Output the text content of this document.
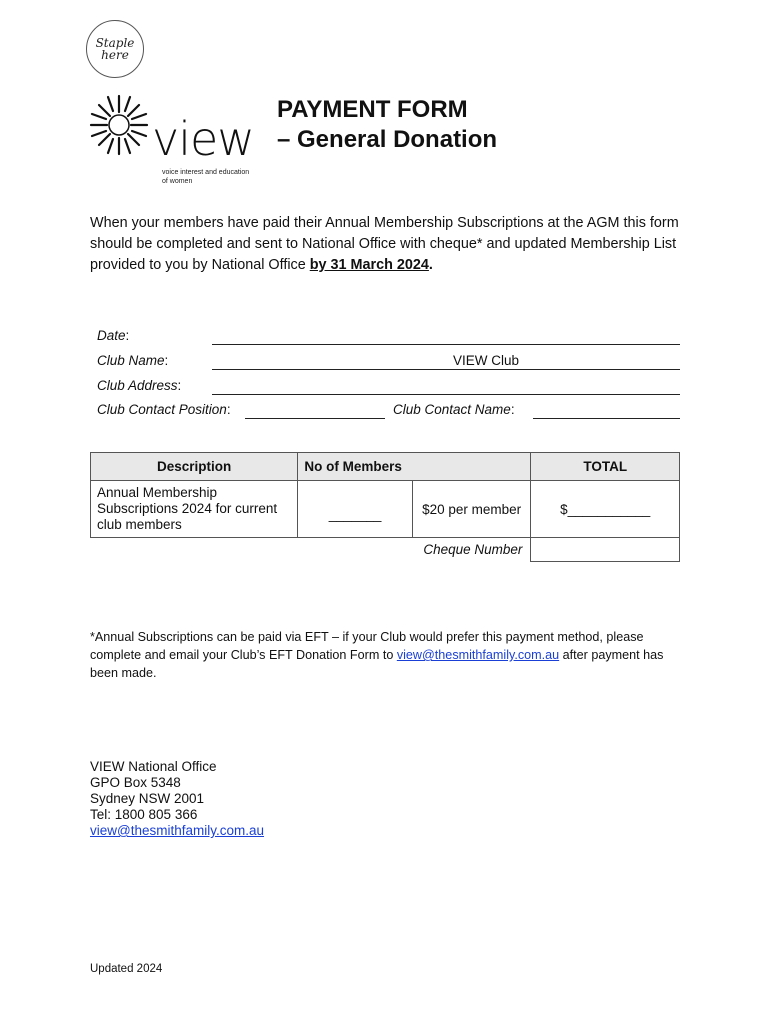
Staple
here
view
voice interest and education of women
PAYMENT FORM
– General Donation
When your members have paid their Annual Membership Subscriptions at the AGM this form should be completed and sent to National Office with cheque* and updated Membership List provided to you by National Office by 31 March 2024.
Date:
Club Name:	VIEW Club
Club Address:
Club Contact Position:	Club Contact Name:
Description	No of Members		TOTAL
Annual Membership Subscriptions 2024 for current club members	_______	$20 per member	$___________
	Cheque Number		
*Annual Subscriptions can be paid via EFT – if your Club would prefer this payment method, please complete and email your Club’s EFT Donation Form to view@thesmithfamily.com.au after payment has been made.
VIEW National Office
GPO Box 5348
Sydney NSW 2001
Tel: 1800 805 366
view@thesmithfamily.com.au
Updated 2024
